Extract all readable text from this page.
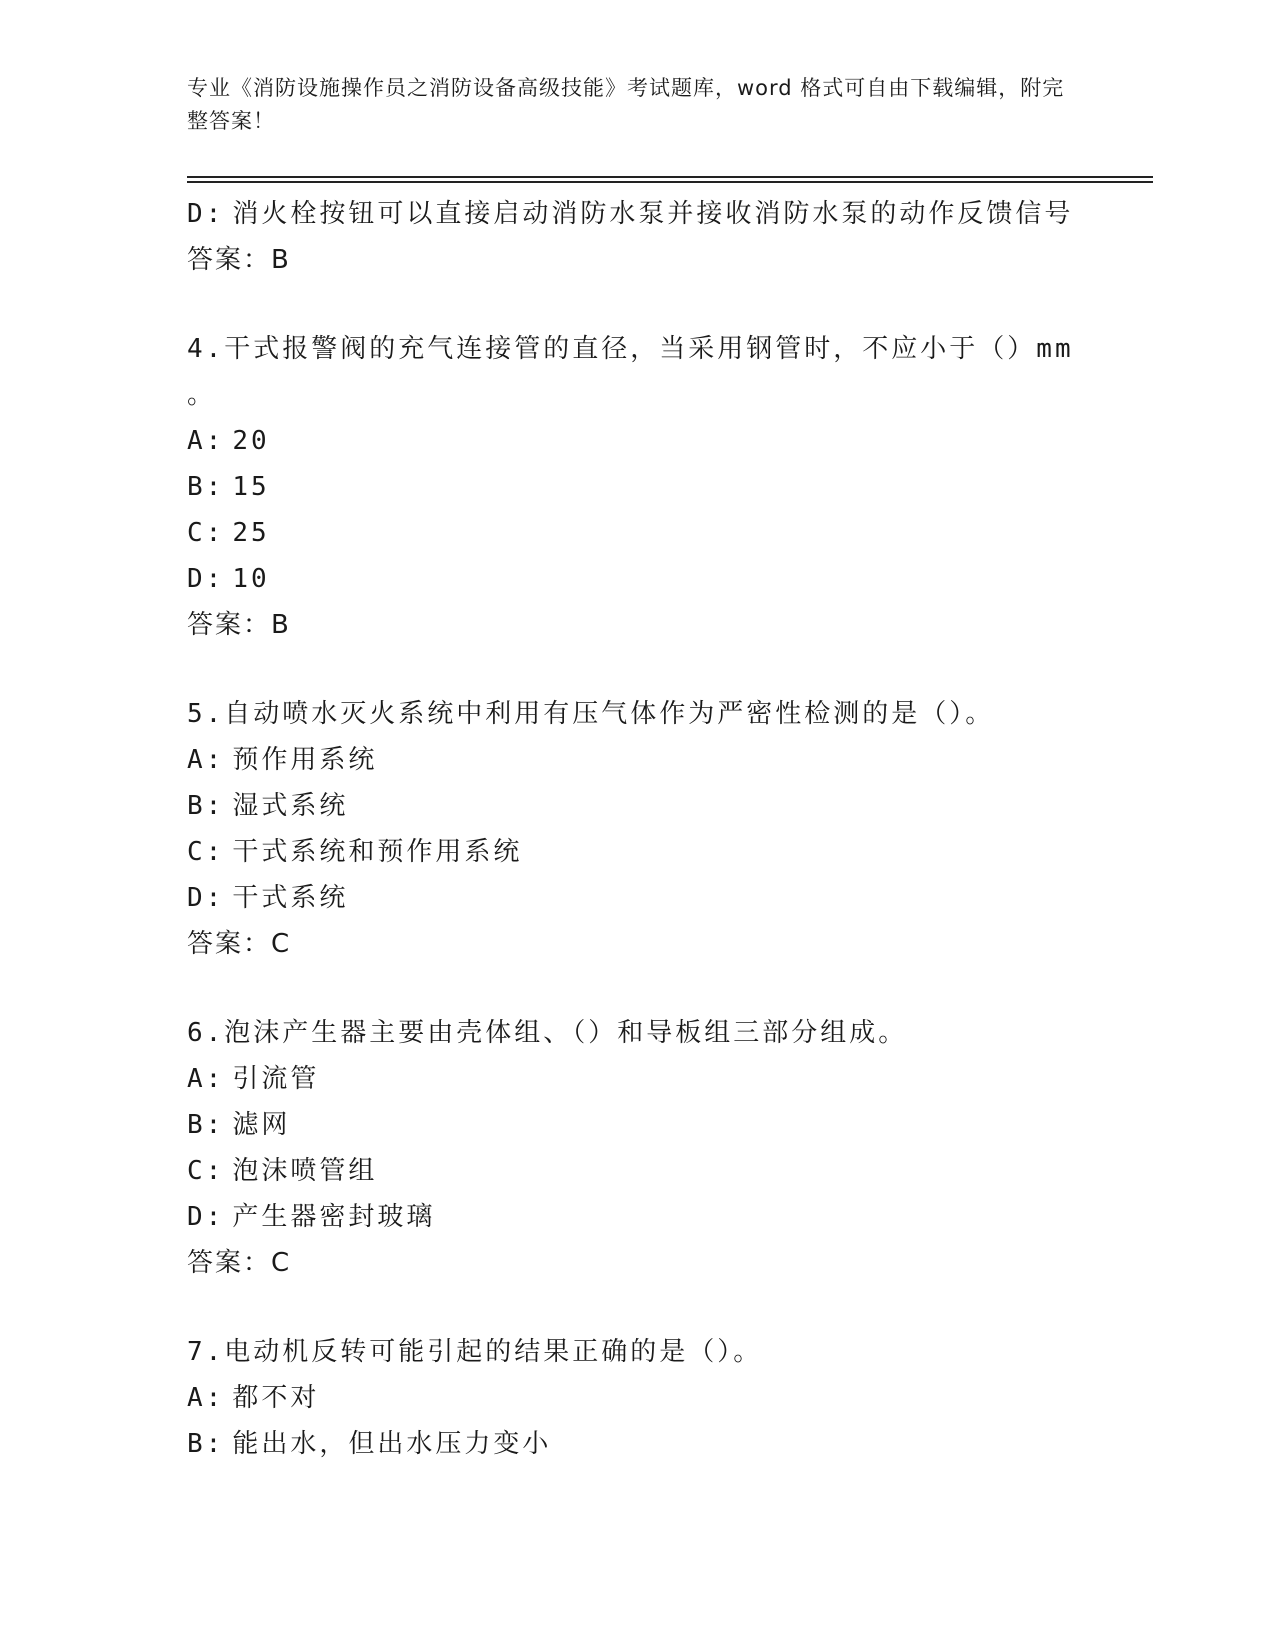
专业《消防设施操作员之消防设备高级技能》考试题库，word 格式可自由下载编辑，附完整答案！
D: 消火栓按钮可以直接启动消防水泵并接收消防水泵的动作反馈信号
答案：B
4.干式报警阀的充气连接管的直径，当采用钢管时，不应小于（）mm
。
A: 20
B: 15
C: 25
D: 10
答案：B
5.自动喷水灭火系统中利用有压气体作为严密性检测的是（）。
A: 预作用系统
B: 湿式系统
C: 干式系统和预作用系统
D: 干式系统
答案：C
6.泡沫产生器主要由壳体组、（）和导板组三部分组成。
A: 引流管
B: 滤网
C: 泡沫喷管组
D: 产生器密封玻璃
答案：C
7.电动机反转可能引起的结果正确的是（）。
A: 都不对
B: 能出水，但出水压力变小
